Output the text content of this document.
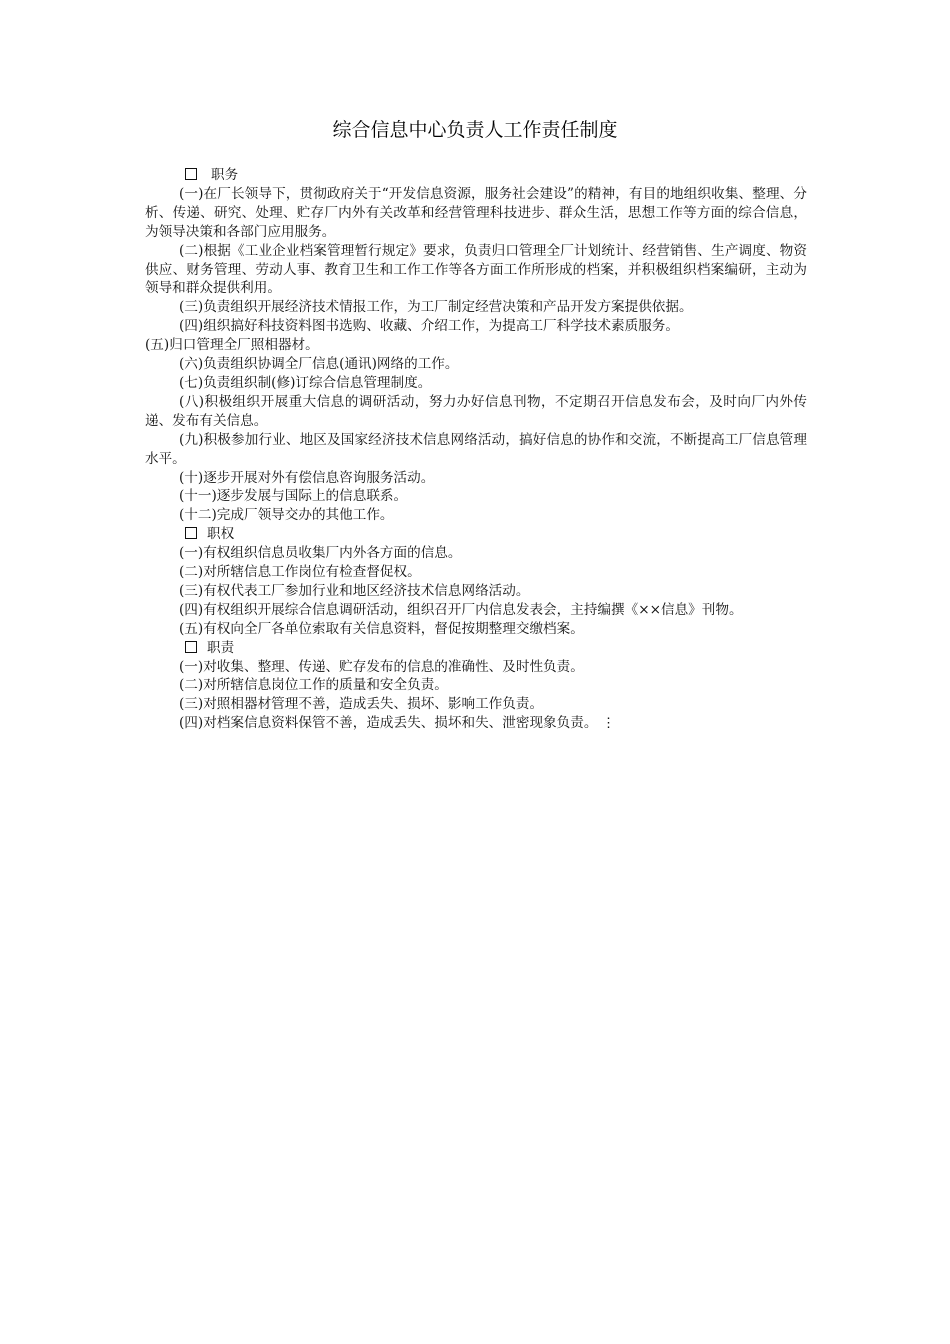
综合信息中心负责人工作责任制度

职务

(一)在厂长领导下，贯彻政府关于“开发信息资源，服务社会建设”的精神，有目的地组织收集、整理、分析、传递、研究、处理、贮存厂内外有关改革和经营管理科技进步、群众生活，思想工作等方面的综合信息，为领导决策和各部门应用服务。

(二)根据《工业企业档案管理暂行规定》要求，负责归口管理全厂计划统计、经营销售、生产调度、物资供应、财务管理、劳动人事、教育卫生和工作工作等各方面工作所形成的档案，并积极组织档案编研，主动为领导和群众提供利用。

(三)负责组织开展经济技术情报工作，为工厂制定经营决策和产品开发方案提供依据。

(四)组织搞好科技资料图书选购、收藏、介绍工作，为提高工厂科学技术素质服务。

(五)归口管理全厂照相器材。

(六)负责组织协调全厂信息(通讯)网络的工作。

(七)负责组织制(修)订综合信息管理制度。

(八)积极组织开展重大信息的调研活动，努力办好信息刊物，不定期召开信息发布会，及时向厂内外传递、发布有关信息。

(九)积极参加行业、地区及国家经济技术信息网络活动，搞好信息的协作和交流，不断提高工厂信息管理水平。

(十)逐步开展对外有偿信息咨询服务活动。

(十一)逐步发展与国际上的信息联系。

(十二)完成厂领导交办的其他工作。

职权

(一)有权组织信息员收集厂内外各方面的信息。

(二)对所辖信息工作岗位有检查督促权。

(三)有权代表工厂参加行业和地区经济技术信息网络活动。

(四)有权组织开展综合信息调研活动，组织召开厂内信息发表会，主持编撰《××信息》刊物。

(五)有权向全厂各单位索取有关信息资料，督促按期整理交缴档案。

职责

(一)对收集、整理、传递、贮存发布的信息的准确性、及时性负责。

(二)对所辖信息岗位工作的质量和安全负责。

(三)对照相器材管理不善，造成丢失、损坏、影响工作负责。

(四)对档案信息资料保管不善，造成丢失、损坏和失、泄密现象负责。 ⋮
